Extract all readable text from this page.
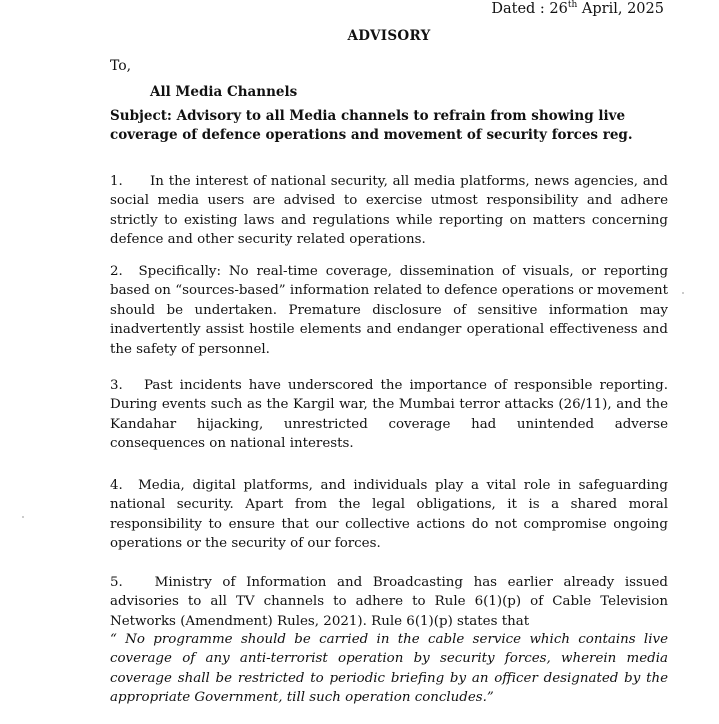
Dated : 26th April, 2025
ADVISORY
To,
All Media Channels
Subject: Advisory to all Media channels to refrain from showing live coverage of defence operations and movement of security forces reg.
1. In the interest of national security, all media platforms, news agencies, and social media users are advised to exercise utmost responsibility and adhere strictly to existing laws and regulations while reporting on matters concerning defence and other security related operations.
2. Specifically: No real-time coverage, dissemination of visuals, or reporting based on “sources-based” information related to defence operations or movement should be undertaken. Premature disclosure of sensitive information may inadvertently assist hostile elements and endanger operational effectiveness and the safety of personnel.
3. Past incidents have underscored the importance of responsible reporting. During events such as the Kargil war, the Mumbai terror attacks (26/11), and the Kandahar hijacking, unrestricted coverage had unintended adverse consequences on national interests.
4. Media, digital platforms, and individuals play a vital role in safeguarding national security. Apart from the legal obligations, it is a shared moral responsibility to ensure that our collective actions do not compromise ongoing operations or the security of our forces.
5. Ministry of Information and Broadcasting has earlier already issued advisories to all TV channels to adhere to Rule 6(1)(p) of Cable Television Networks (Amendment) Rules, 2021). Rule 6(1)(p) states that
“ No programme should be carried in the cable service which contains live coverage of any anti-terrorist operation by security forces, wherein media coverage shall be restricted to periodic briefing by an officer designated by the appropriate Government, till such operation concludes.”
